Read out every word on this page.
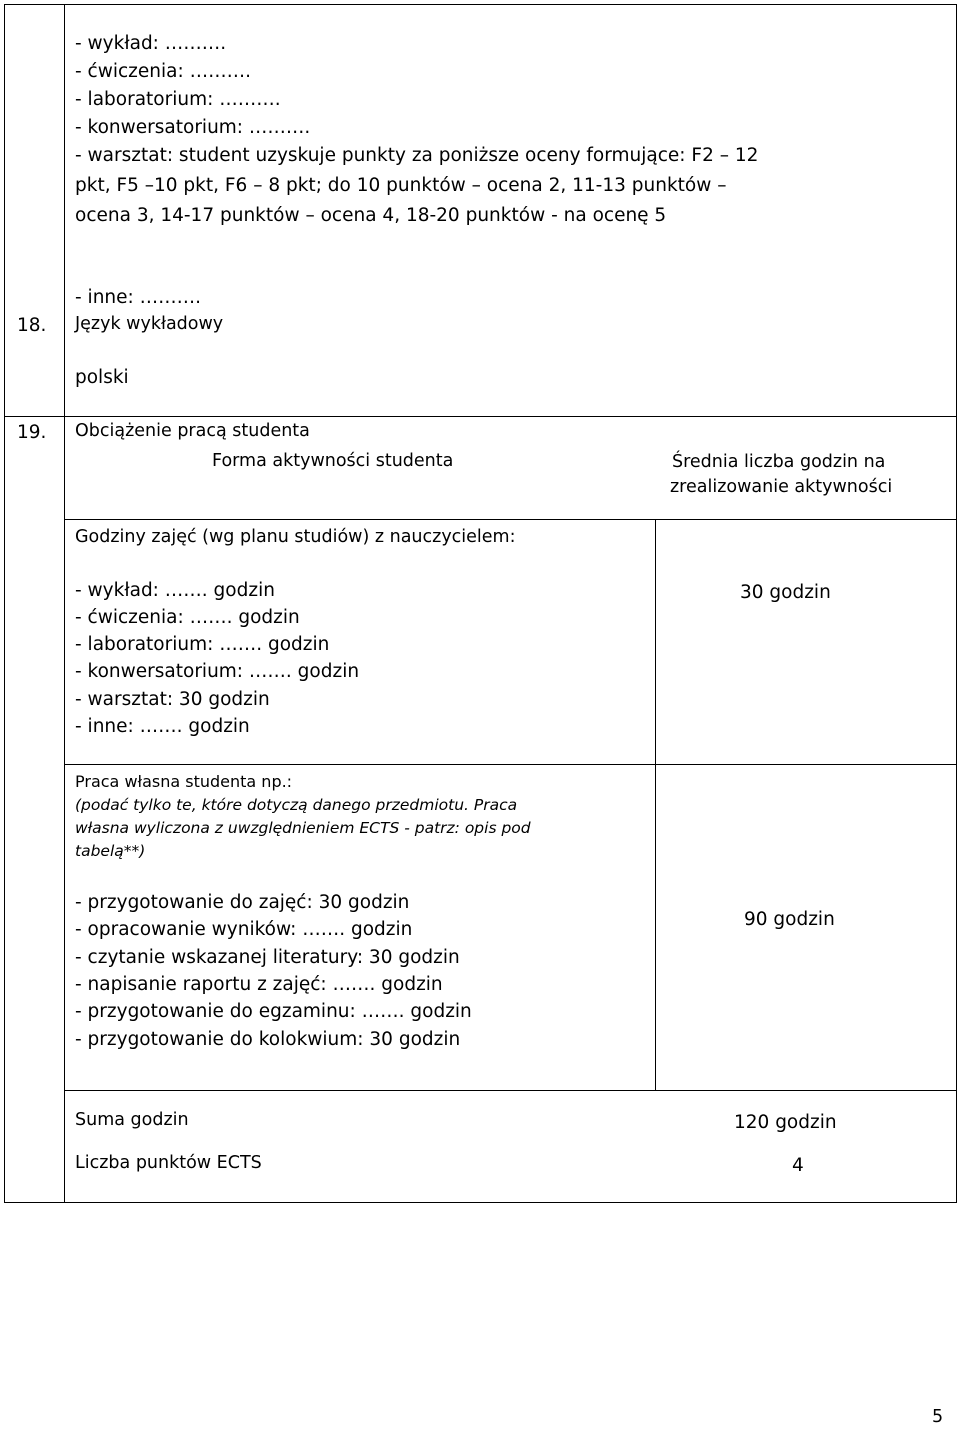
- wykład: ……….
- ćwiczenia: ……….
- laboratorium: ……….
- konwersatorium: ……….
- warsztat: student uzyskuje punkty za poniższe oceny formujące: F2 – 12
pkt, F5 –10 pkt, F6 – 8 pkt; do 10 punktów – ocena 2, 11-13 punktów –
ocena 3, 14-17 punktów – ocena 4, 18-20 punktów - na ocenę 5
- inne: ……….
18. Język wykładowy
polski
19. Obciążenie pracą studenta
Forma aktywności studenta	Średnia liczba godzin na
zrealizowanie aktywności
Godziny zajęć (wg planu studiów) z nauczycielem:
- wykład: ……. godzin
- ćwiczenia: ……. godzin
- laboratorium: ……. godzin
- konwersatorium: ……. godzin
- warsztat: 30 godzin
- inne: ……. godzin
30 godzin
Praca własna studenta np.:
(podać tylko te, które dotyczą danego przedmiotu. Praca
własna wyliczona z uwzględnieniem ECTS - patrz: opis pod
tabelą**)
- przygotowanie do zajęć: 30 godzin
- opracowanie wyników: ……. godzin
- czytanie wskazanej literatury: 30 godzin
- napisanie raportu z zajęć: ……. godzin
- przygotowanie do egzaminu: ……. godzin
- przygotowanie do kolokwium: 30 godzin
90 godzin
Suma godzin	120 godzin
Liczba punktów ECTS	4
5
